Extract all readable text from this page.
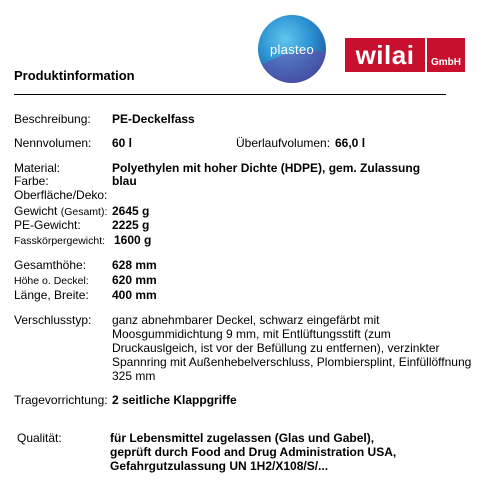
plasteo	wilai	GmbH
Produktinformation
Beschreibung: PE-Deckelfass
Nennvolumen: 60 l	Überlaufvolumen: 66,0 l
Material:	Polyethylen mit hoher Dichte (HDPE), gem. Zulassung
Farbe:	blau
Oberfläche/Deko:
Gewicht (Gesamt): 2645 g
PE-Gewicht:	2225 g
Fasskörpergewicht: 1600 g
Gesamthöhe: 628 mm
Höhe o. Deckel: 620 mm
Länge, Breite: 400 mm
Verschlusstyp: ganz abnehmbarer Deckel, schwarz eingefärbt mit
Moosgummidichtung 9 mm, mit Entlüftungsstift (zum
Druckauslgeich, ist vor der Befüllung zu entfernen), verzinkter
Spannring mit Außenhebelverschluss, Plombiersplint, Einfüllöffnung
325 mm
Tragevorrichtung: 2 seitliche Klappgriffe
Qualität:	für Lebensmittel zugelassen (Glas und Gabel),
geprüft durch Food and Drug Administration USA,
Gefahrgutzulassung UN 1H2/X108/S/...
